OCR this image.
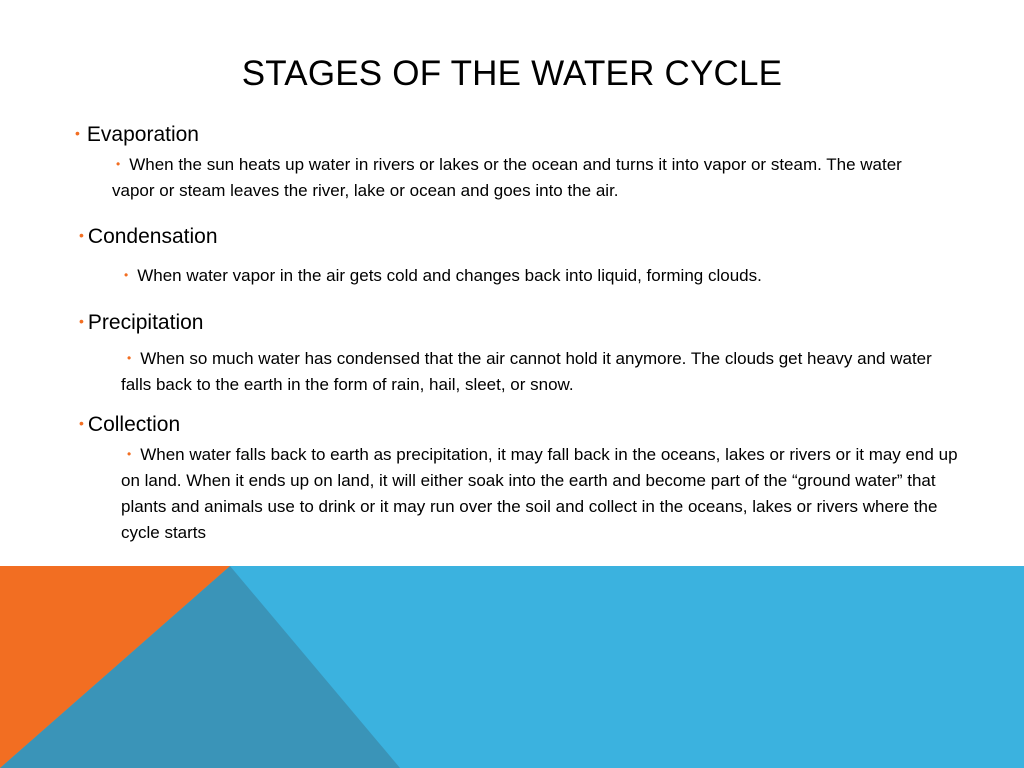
STAGES OF THE WATER CYCLE
• Evaporation
• When the sun heats up water in rivers or lakes or the ocean and turns it into vapor or steam. The water vapor or steam leaves the river, lake or ocean and goes into the air.
• Condensation
• When water vapor in the air gets cold and changes back into liquid, forming clouds.
• Precipitation
• When so much water has condensed that the air cannot hold it anymore. The clouds get heavy and water falls back to the earth in the form of rain, hail, sleet, or snow.
• Collection
• When water falls back to earth as precipitation, it may fall back in the oceans, lakes or rivers or it may end up on land. When it ends up on land, it will either soak into the earth and become part of the “ground water” that plants and animals use to drink or it may run over the soil and collect in the oceans, lakes or rivers where the cycle starts
